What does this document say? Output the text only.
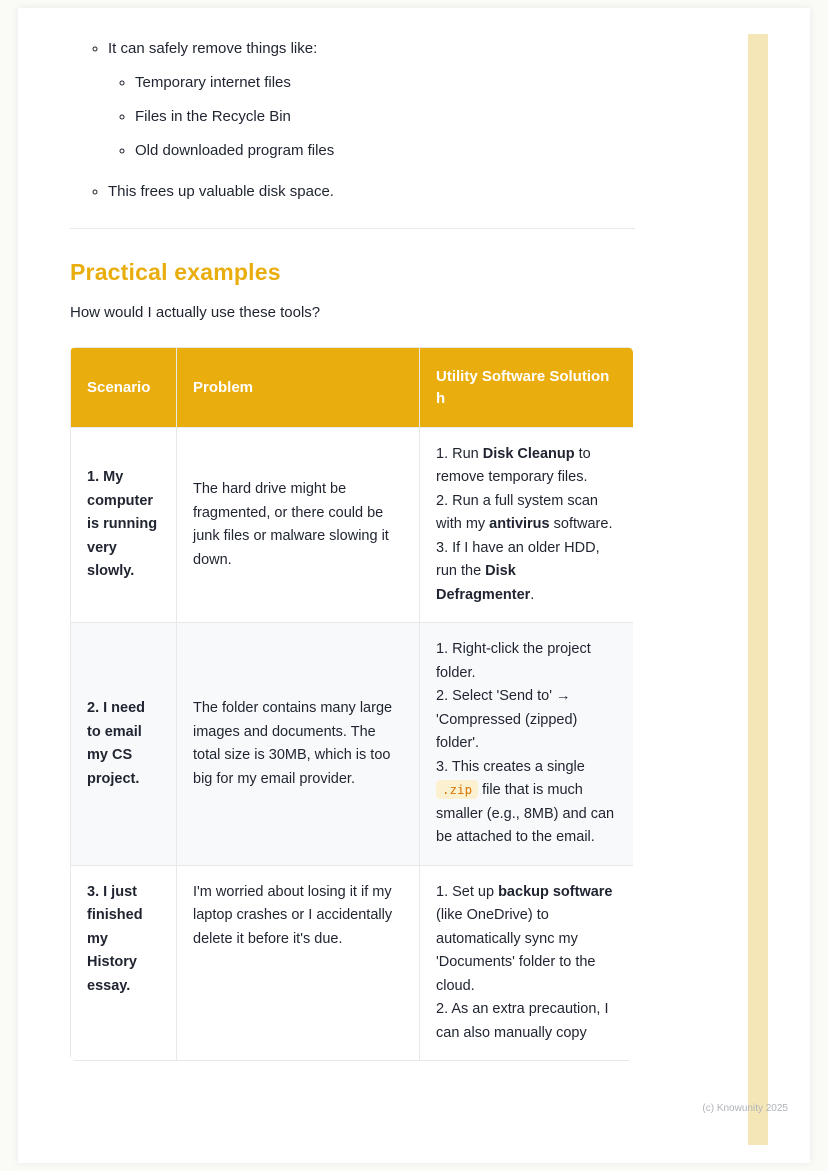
◦ It can safely remove things like:
◦ Temporary internet files
◦ Files in the Recycle Bin
◦ Old downloaded program files
◦ This frees up valuable disk space.
Practical examples

How would I actually use these tools?

Scenario	Problem	Utility Software Solution h
1. My computer is running very slowly.	The hard drive might be fragmented, or there could be junk files or malware slowing it down.	1. Run Disk Cleanup to remove temporary files.
2. Run a full system scan with my antivirus software.
3. If I have an older HDD, run the Disk Defragmenter.
2. I need to email my CS project.	The folder contains many large images and documents. The total size is 30MB, which is too big for my email provider.	1. Right-click the project folder.
2. Select 'Send to' → 'Compressed (zipped) folder'.
3. This creates a single .zip file that is much smaller (e.g., 8MB) and can be attached to the email.
3. I just finished my History essay.	I'm worried about losing it if my laptop crashes or I accidentally delete it before it's due.	1. Set up backup software (like OneDrive) to automatically sync my 'Documents' folder to the cloud.
2. As an extra precaution, I can also manually copy
(c) Knowunity 2025
